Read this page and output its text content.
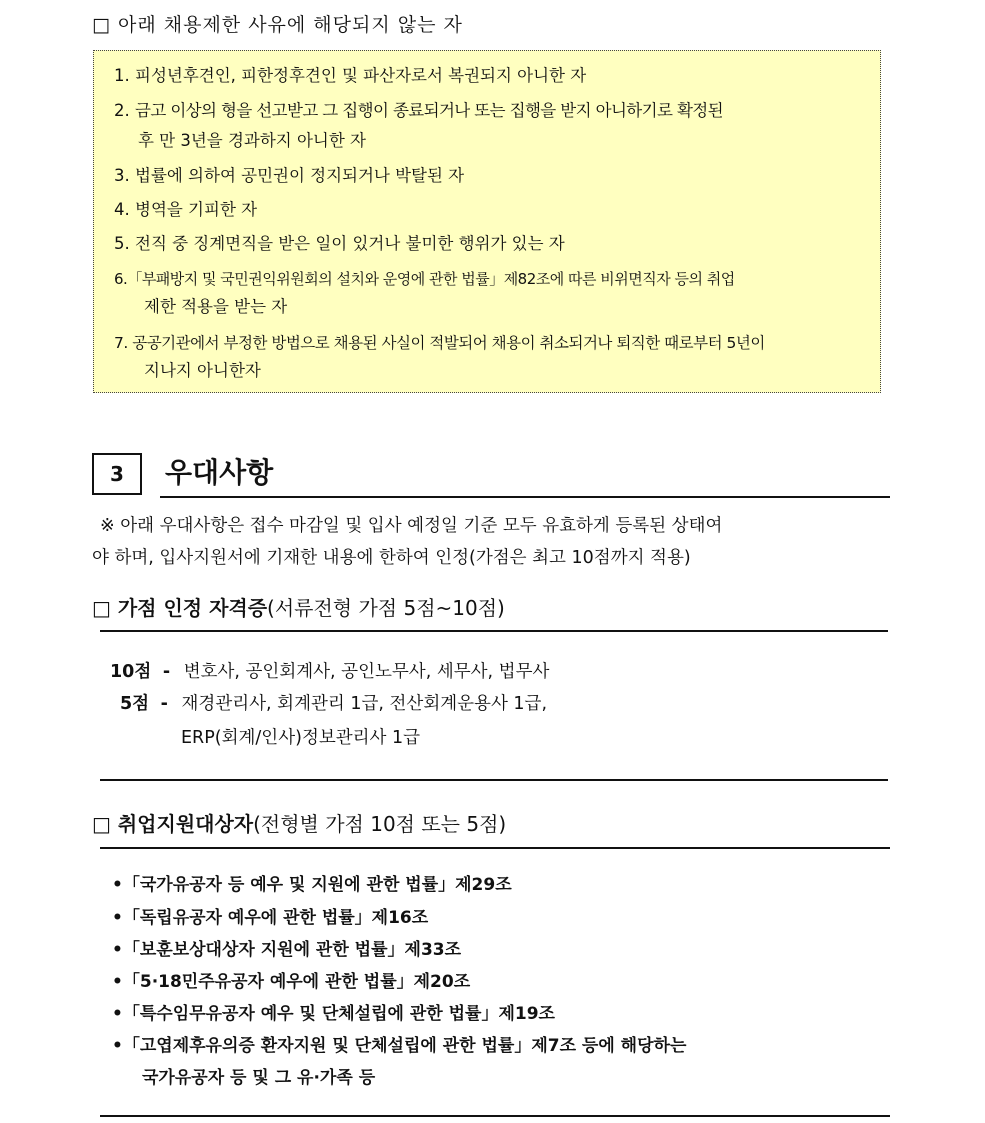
□ 아래 채용제한 사유에 해당되지 않는 자
1. 피성년후견인, 피한정후견인 및 파산자로서 복권되지 아니한 자
2. 금고 이상의 형을 선고받고 그 집행이 종료되거나 또는 집행을 받지 아니하기로 확정된
후 만 3년을 경과하지 아니한 자
3. 법률에 의하여 공민권이 정지되거나 박탈된 자
4. 병역을 기피한 자
5. 전직 중 징계면직을 받은 일이 있거나 불미한 행위가 있는 자
6.「부패방지 및 국민권익위원회의 설치와 운영에 관한 법률」제82조에 따른 비위면직자 등의 취업
제한 적용을 받는 자
7. 공공기관에서 부정한 방법으로 채용된 사실이 적발되어 채용이 취소되거나 퇴직한 때로부터 5년이
지나지 아니한자
3	우대사항
※ 아래 우대사항은 접수 마감일 및 입사 예정일 기준 모두 유효하게 등록된 상태여
야 하며, 입사지원서에 기재한 내용에 한하여 인정(가점은 최고 10점까지 적용)
□ 가점 인정 자격증(서류전형 가점 5점~10점)
10점 - 변호사, 공인회계사, 공인노무사, 세무사, 법무사
5점 - 재경관리사, 회계관리 1급, 전산회계운용사 1급,
ERP(회계/인사)정보관리사 1급
□ 취업지원대상자(전형별 가점 10점 또는 5점)
•「국가유공자 등 예우 및 지원에 관한 법률」제29조
•「독립유공자 예우에 관한 법률」제16조
•「보훈보상대상자 지원에 관한 법률」제33조
•「5·18민주유공자 예우에 관한 법률」제20조
•「특수임무유공자 예우 및 단체설립에 관한 법률」제19조
•「고엽제후유의증 환자지원 및 단체설립에 관한 법률」제7조 등에 해당하는
국가유공자 등 및 그 유·가족 등
